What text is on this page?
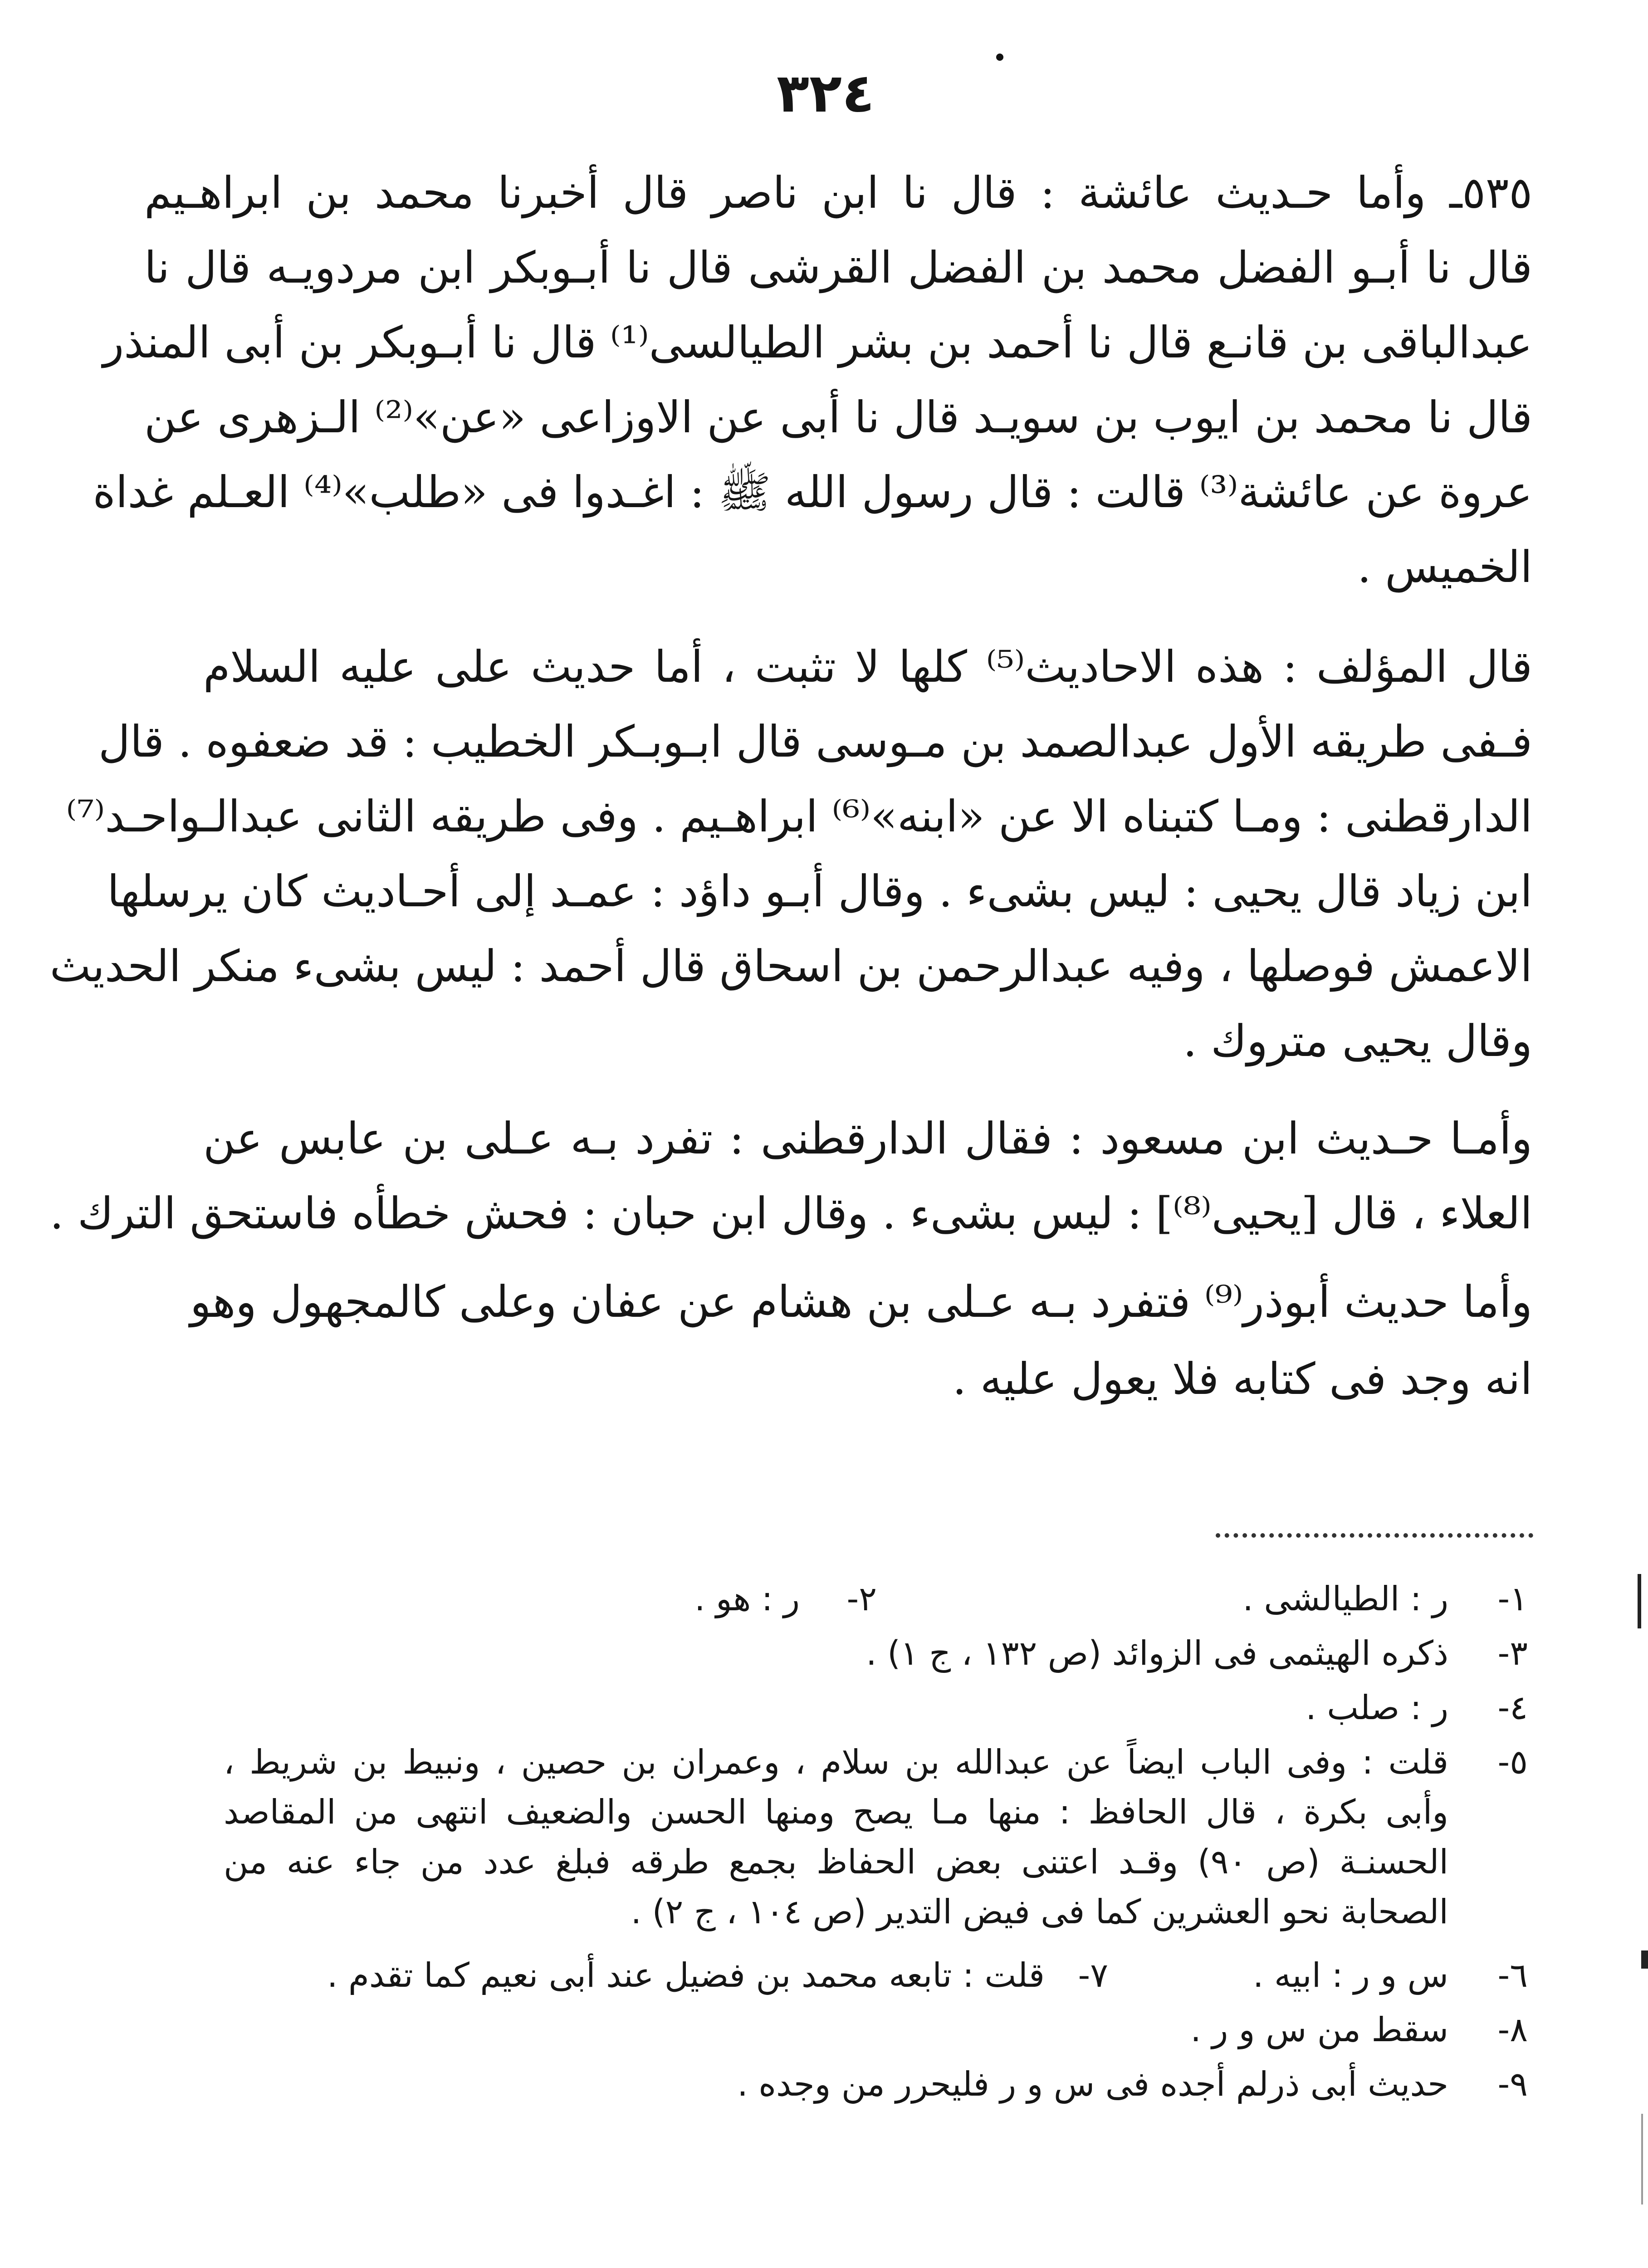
٣٢٤
٥٣٥ـ وأما حـديث عائشة : قال نا ابن ناصر قال أخبرنا محمد بن ابراهـيم
قال نا أبـو الفضل محمد بن الفضل القرشى قال نا أبـوبكر ابن مردويـه قال نا
عبدالباقى بن قانـع قال نا أحمد بن بشر الطيالسى⁽¹⁾ قال نا أبـوبكر بن أبى المنذر
قال نا محمد بن ايوب بن سويـد قال نا أبى عن الاوزاعى «عن»⁽²⁾ الـزهرى عن
عروة عن عائشة⁽³⁾ قالت : قال رسول الله ﷺ : اغـدوا فى «طلب»⁽⁴⁾ العـلم غداة
الخميس .
قال المؤلف : هذه الاحاديث⁽⁵⁾ كلها لا تثبت ، أما حديث على عليه السلام
فـفى طريقه الأول عبدالصمد بن مـوسى قال ابـوبـكر الخطيب : قد ضعفوه . قال
الدارقطنى : ومـا كتبناه الا عن «ابنه»⁽⁶⁾ ابراهـيم . وفى طريقه الثانى عبدالـواحـد⁽⁷⁾
ابن زياد قال يحيى : ليس بشىء . وقال أبـو داؤد : عمـد إلى أحـاديث كان يرسلها
الاعمش فوصلها ، وفيه عبدالرحمن بن اسحاق قال أحمد : ليس بشىء منكر الحديث
وقال يحيى متروك .
وأمـا حـديث ابن مسعود : فقال الدارقطنى : تفرد بـه عـلى بن عابس عن
العلاء ، قال [يحيى⁽⁸⁾] : ليس بشىء . وقال ابن حبان : فحش خطأه فاستحق الترك .
وأما حديث أبوذر⁽⁹⁾ فتفرد بـه عـلى بن هشام عن عفان وعلى كالمجهول وهو
انه وجد فى كتابه فلا يعول عليه .
١-
ر : الطيالشى .
٢-
ر : هو .
٣-
ذكره الهيثمى فى الزوائد (ص ١٣٢ ، ج ١) .
٤-
ر : صلب .
٥-
قلت : وفى الباب ايضاً عن عبدالله بن سلام ، وعمران بن حصين ، ونبيط بن شريط ،
وأبى بكرة ، قال الحافظ : منها مـا يصح ومنها الحسن والضعيف انتهى من المقاصد
الحسنـة (ص ٩٠) وقـد اعتنى بعض الحفاظ بجمع طرقه فبلغ عدد من جاء عنه من
الصحابة نحو العشرين كما فى فيض التدير (ص ١٠٤ ، ج ٢) .
٦-
س و ر : ابيه .
٧-
قلت : تابعه محمد بن فضيل عند أبى نعيم كما تقدم .
٨-
سقط من س و ر .
٩-
حديث أبى ذرلم أجده فى س و ر فليحرر من وجده .
